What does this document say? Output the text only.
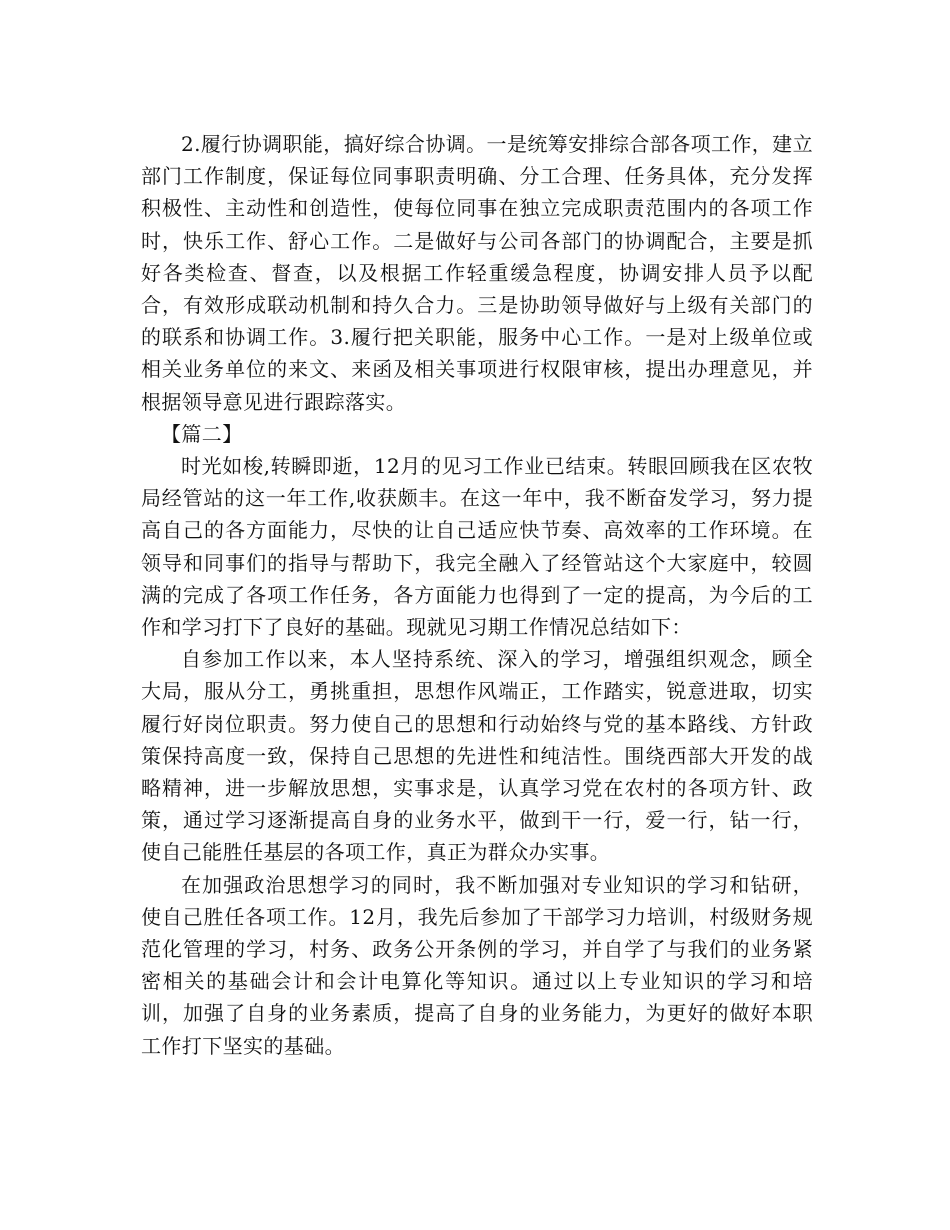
2.履行协调职能，搞好综合协调。一是统筹安排综合部各项工作，建立部门工作制度，保证每位同事职责明确、分工合理、任务具体，充分发挥积极性、主动性和创造性，使每位同事在独立完成职责范围内的各项工作时，快乐工作、舒心工作。二是做好与公司各部门的协调配合，主要是抓好各类检查、督查，以及根据工作轻重缓急程度，协调安排人员予以配合，有效形成联动机制和持久合力。三是协助领导做好与上级有关部门的的联系和协调工作。3.履行把关职能，服务中心工作。一是对上级单位或相关业务单位的来文、来函及相关事项进行权限审核，提出办理意见，并根据领导意见进行跟踪落实。

【篇二】

时光如梭,转瞬即逝，12月的见习工作业已结束。转眼回顾我在区农牧局经管站的这一年工作,收获颇丰。在这一年中，我不断奋发学习，努力提高自己的各方面能力，尽快的让自己适应快节奏、高效率的工作环境。在领导和同事们的指导与帮助下，我完全融入了经管站这个大家庭中，较圆满的完成了各项工作任务，各方面能力也得到了一定的提高，为今后的工作和学习打下了良好的基础。现就见习期工作情况总结如下：

自参加工作以来，本人坚持系统、深入的学习，增强组织观念，顾全大局，服从分工，勇挑重担，思想作风端正，工作踏实，锐意进取，切实履行好岗位职责。努力使自己的思想和行动始终与党的基本路线、方针政策保持高度一致，保持自己思想的先进性和纯洁性。围绕西部大开发的战略精神，进一步解放思想，实事求是，认真学习党在农村的各项方针、政策，通过学习逐渐提高自身的业务水平，做到干一行，爱一行，钻一行，使自己能胜任基层的各项工作，真正为群众办实事。

在加强政治思想学习的同时，我不断加强对专业知识的学习和钻研，使自己胜任各项工作。12月，我先后参加了干部学习力培训，村级财务规范化管理的学习，村务、政务公开条例的学习，并自学了与我们的业务紧密相关的基础会计和会计电算化等知识。通过以上专业知识的学习和培训，加强了自身的业务素质，提高了自身的业务能力，为更好的做好本职工作打下坚实的基础。
